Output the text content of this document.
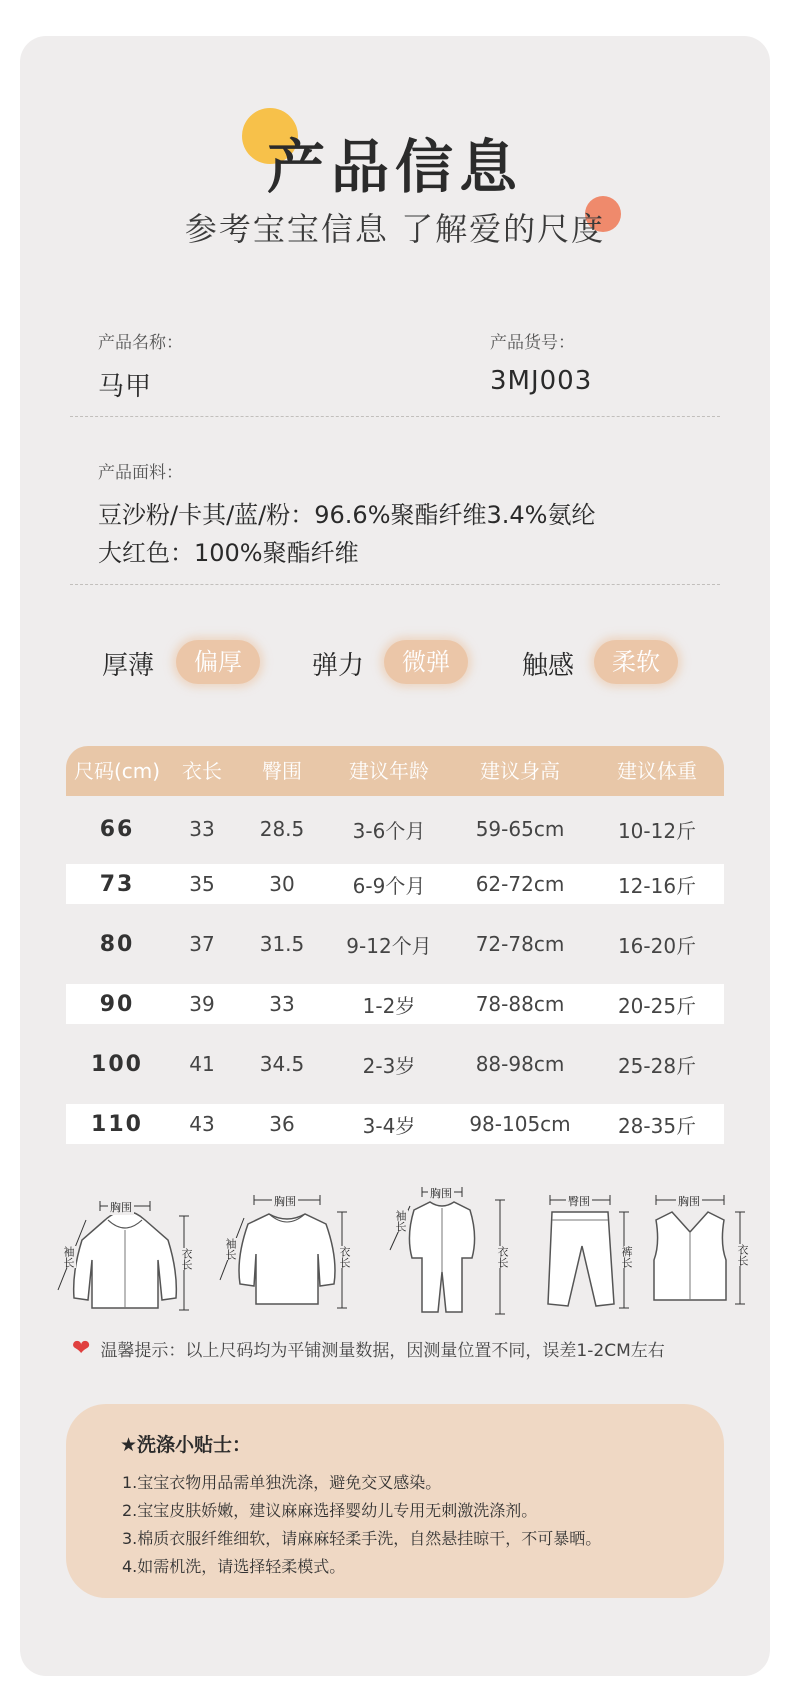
产品信息
参考宝宝信息 了解爱的尺度
产品名称：
马甲
产品货号：
3MJ003
产品面料：
豆沙粉/卡其/蓝/粉：96.6%聚酯纤维3.4%氨纶
大红色：100%聚酯纤维
厚薄	偏厚	弹力	微弹	触感	柔软
尺码(cm)	衣长	臀围	建议年龄	建议身高	建议体重
66	33	28.5	3-6个月	59-65cm	10-12斤
73	35	30	6-9个月	62-72cm	12-16斤
80	37	31.5	9-12个月	72-78cm	16-20斤
90	39	33	1-2岁	78-88cm	20-25斤
100	41	34.5	2-3岁	88-98cm	25-28斤
110	43	36	3-4岁	98-105cm	28-35斤
胸围
衣长
袖长
胸围
衣长
袖长
胸围
衣长
袖长
臀围
裤长
胸围
衣长
❤ 温馨提示：以上尺码均为平铺测量数据，因测量位置不同，误差1-2CM左右
★洗涤小贴士：
1.宝宝衣物用品需单独洗涤，避免交叉感染。
2.宝宝皮肤娇嫩，建议麻麻选择婴幼儿专用无刺激洗涤剂。
3.棉质衣服纤维细软，请麻麻轻柔手洗，自然悬挂晾干，不可暴晒。
4.如需机洗，请选择轻柔模式。
